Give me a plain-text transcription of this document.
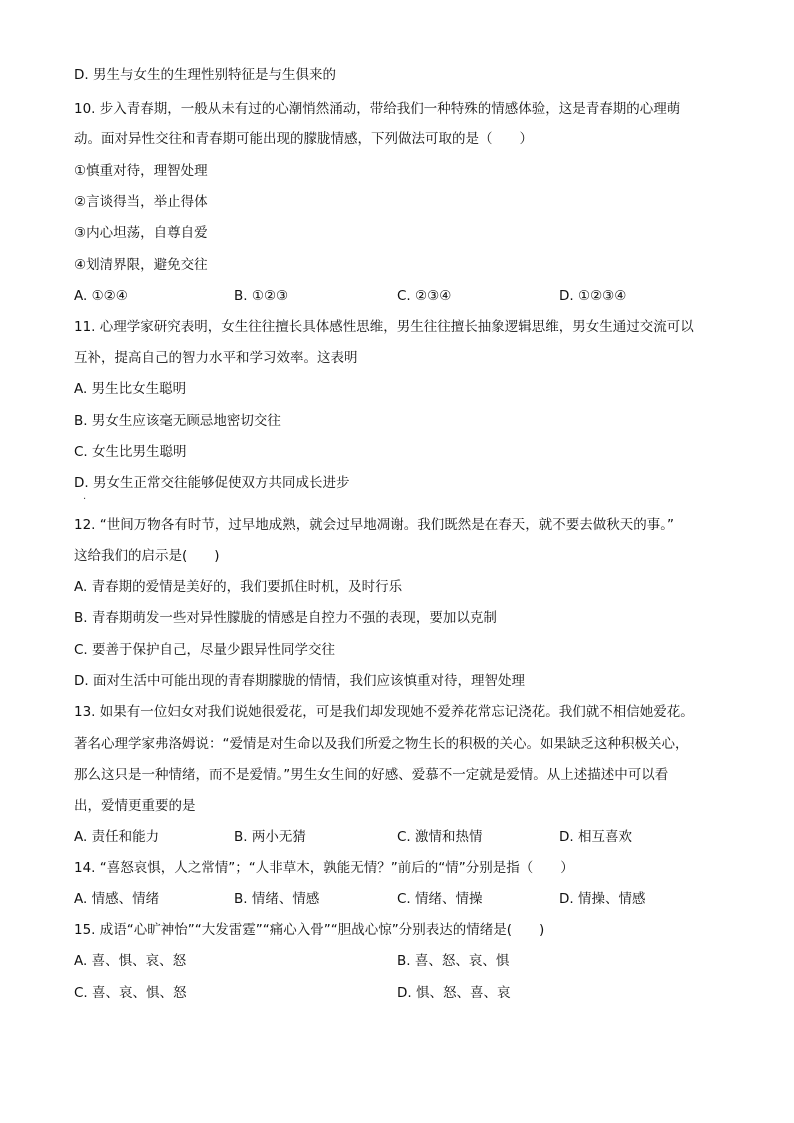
D. 男生与女生的生理性别特征是与生俱来的
10. 步入青春期，一般从未有过的心潮悄然涌动，带给我们一种特殊的情感体验，这是青春期的心理萌
动。面对异性交往和青春期可能出现的朦胧情感，下列做法可取的是（　　）
①慎重对待，理智处理
②言谈得当，举止得体
③内心坦荡，自尊自爱
④划清界限，避免交往
A. ①②④	B. ①②③	C. ②③④	D. ①②③④
11. 心理学家研究表明，女生往往擅长具体感性思维，男生往往擅长抽象逻辑思维，男女生通过交流可以
互补，提高自己的智力水平和学习效率。这表明
A. 男生比女生聪明
B. 男女生应该毫无顾忌地密切交往
C. 女生比男生聪明
D. 男女生正常交往能够促使双方共同成长进步
.
12. “世间万物各有时节，过早地成熟，就会过早地凋谢。我们既然是在春天，就不要去做秋天的事。”
这给我们的启示是(　　)
A. 青春期的爱情是美好的，我们要抓住时机，及时行乐
B. 青春期萌发一些对异性朦胧的情感是自控力不强的表现，要加以克制
C. 要善于保护自己，尽量少跟异性同学交往
D. 面对生活中可能出现的青春期朦胧的情情，我们应该慎重对待，理智处理
13. 如果有一位妇女对我们说她很爱花，可是我们却发现她不爱养花常忘记浇花。我们就不相信她爱花。
著名心理学家弗洛姆说：“爱情是对生命以及我们所爱之物生长的积极的关心。如果缺乏这种积极关心，
那么这只是一种情绪，而不是爱情。”男生女生间的好感、爱慕不一定就是爱情。从上述描述中可以看
出，爱情更重要的是
A. 责任和能力	B. 两小无猜	C. 激情和热情	D. 相互喜欢
14. “喜怒哀惧，人之常情”；“人非草木，孰能无情？”前后的“情”分别是指（　　）
A. 情感、情绪	B. 情绪、情感	C. 情绪、情操	D. 情操、情感
15. 成语“心旷神怡”“大发雷霆”“痛心入骨”“胆战心惊”分别表达的情绪是(　　)
A. 喜、惧、哀、怒	B. 喜、怒、哀、惧
C. 喜、哀、惧、怒	D. 惧、怒、喜、哀
